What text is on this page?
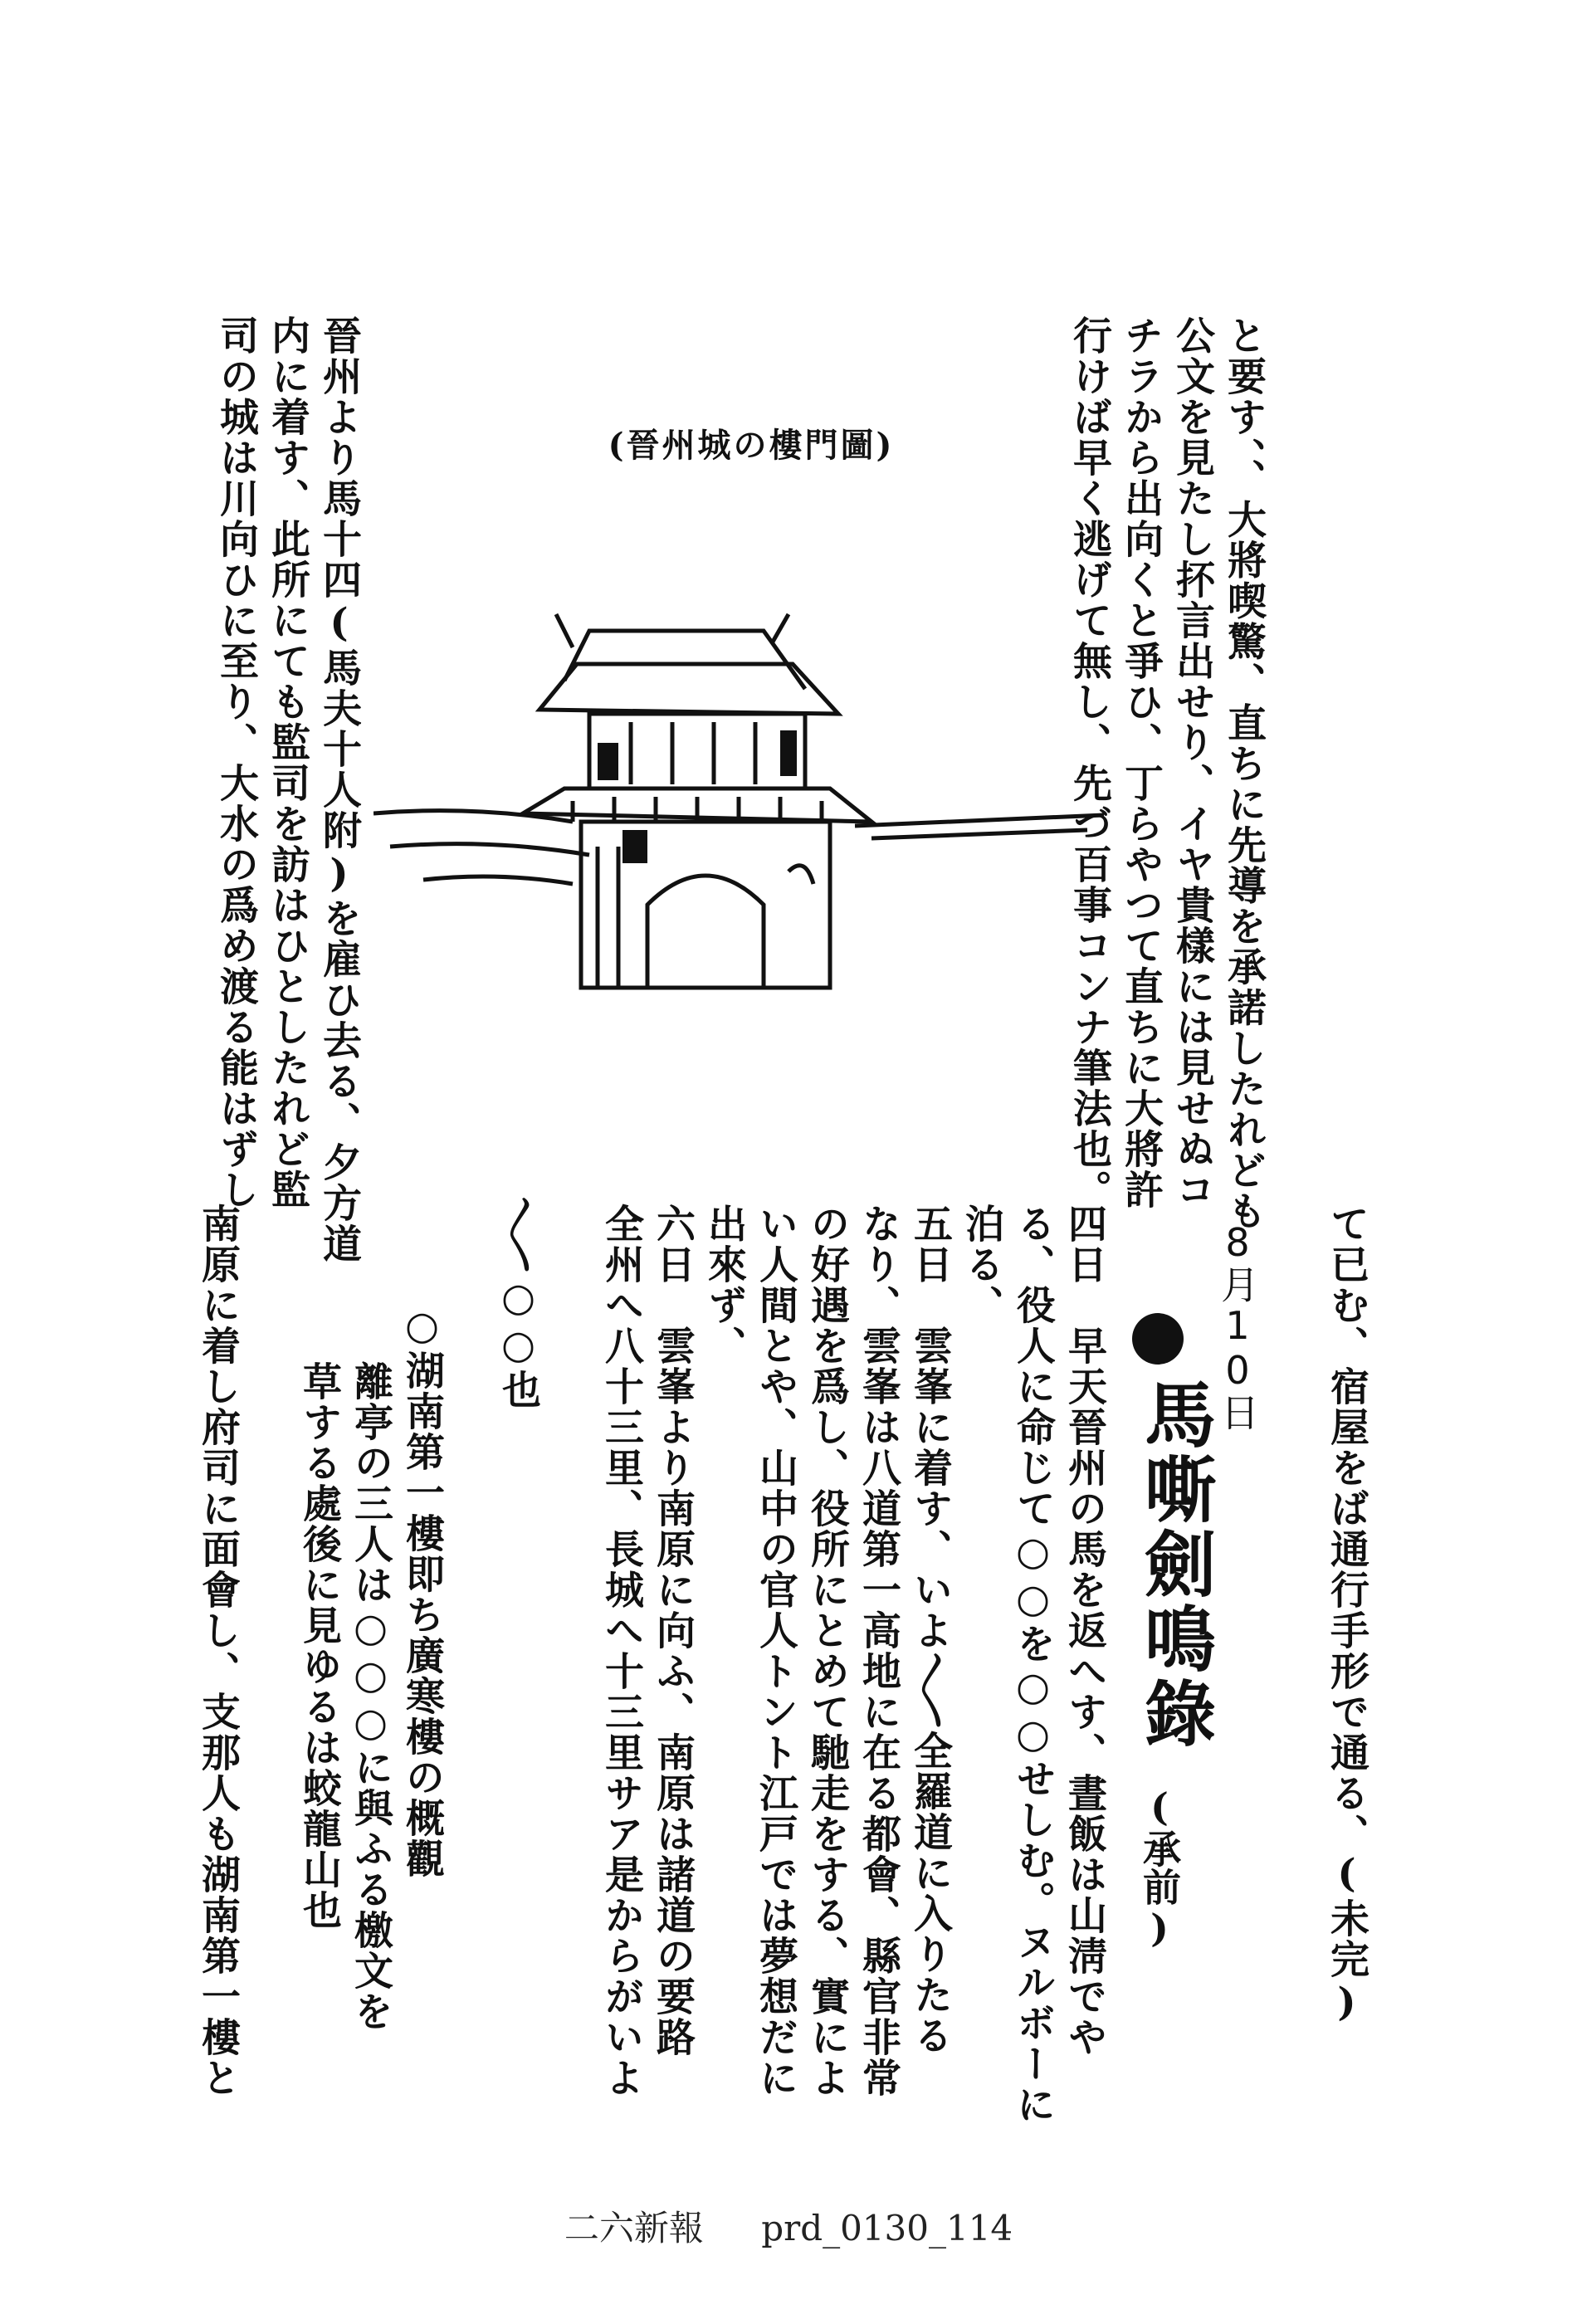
と要す、、大將喫驚、直ちに先導を承諾したれども
公文を見たし抔言出せり、イヤ貴樣には見せぬコ
チラから出向くと爭ひ、丁らやつて直ちに大將許
行けば早く逃げて無し、先づ百事コンナ筆法也。
(晉州城の樓門圖)
晉州より馬十四(馬夫十人附)を雇ひ去る、夕方道
内に着す、此所にても監司を訪はひとしたれど監
司の城は川向ひに至り、大水の爲め渡る能はずし
て已む、宿屋をば通行手形で通る、
(未完)
8月10日
馬嘶劍鳴錄
(承前)
四日　早天晉州の馬を返へす、晝飯は山淸でや
る、役人に命じて○○を○○せしむ。ヌルボーに
泊る、
五日　雲峯に着す、いよ〳〵全羅道に入りたる
なり、雲峯は八道第一高地に在る都會、縣官非常
の好遇を爲し、役所にとめて馳走をする、實によ
い人間とや、山中の官人トント江戸では夢想だに
出來ず、
六日　雲峯より南原に向ふ、南原は諸道の要路
全州へ八十三里、長城へ十三里サア是からがいよ
〳〵○○也
○湖南第一樓即ち廣寒樓の概觀
離亭の三人は○○○に與ふる檄文を
草する處後に見ゆるは蛟龍山也
南原に着し府司に面會し、支那人も湖南第一樓と
二六新報 prd_0130_114
